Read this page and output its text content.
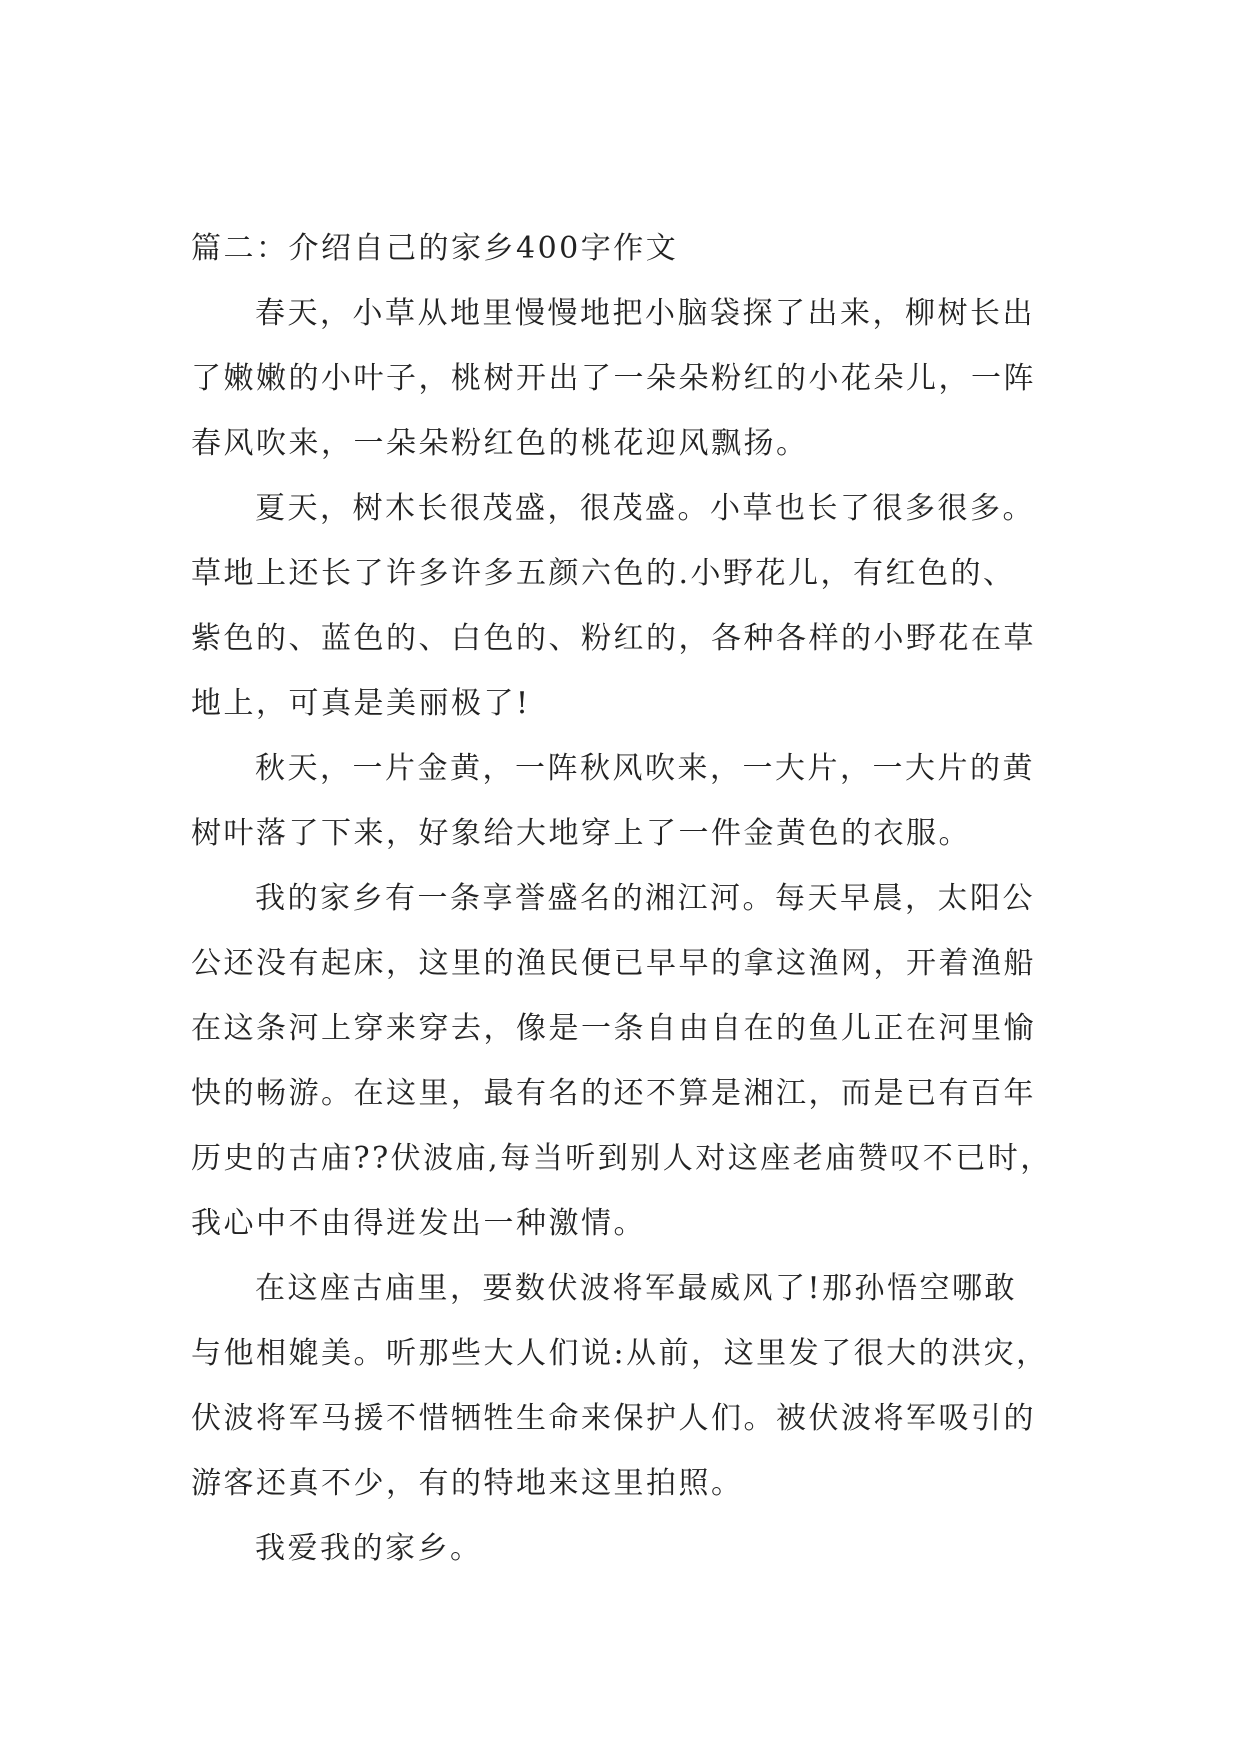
篇二：介绍自己的家乡400字作文
春天，小草从地里慢慢地把小脑袋探了出来，柳树长出
了嫩嫩的小叶子，桃树开出了一朵朵粉红的小花朵儿，一阵
春风吹来，一朵朵粉红色的桃花迎风飘扬。
夏天，树木长很茂盛，很茂盛。小草也长了很多很多。
草地上还长了许多许多五颜六色的.小野花儿，有红色的、
紫色的、蓝色的、白色的、粉红的，各种各样的小野花在草
地上，可真是美丽极了!
秋天，一片金黄，一阵秋风吹来，一大片，一大片的黄
树叶落了下来，好象给大地穿上了一件金黄色的衣服。
我的家乡有一条享誉盛名的湘江河。每天早晨，太阳公
公还没有起床，这里的渔民便已早早的拿这渔网，开着渔船
在这条河上穿来穿去，像是一条自由自在的鱼儿正在河里愉
快的畅游。在这里，最有名的还不算是湘江，而是已有百年
历史的古庙??伏波庙,每当听到别人对这座老庙赞叹不已时，
我心中不由得迸发出一种激情。
在这座古庙里，要数伏波将军最威风了!那孙悟空哪敢
与他相媲美。听那些大人们说:从前，这里发了很大的洪灾，
伏波将军马援不惜牺牲生命来保护人们。被伏波将军吸引的
游客还真不少，有的特地来这里拍照。
我爱我的家乡。
